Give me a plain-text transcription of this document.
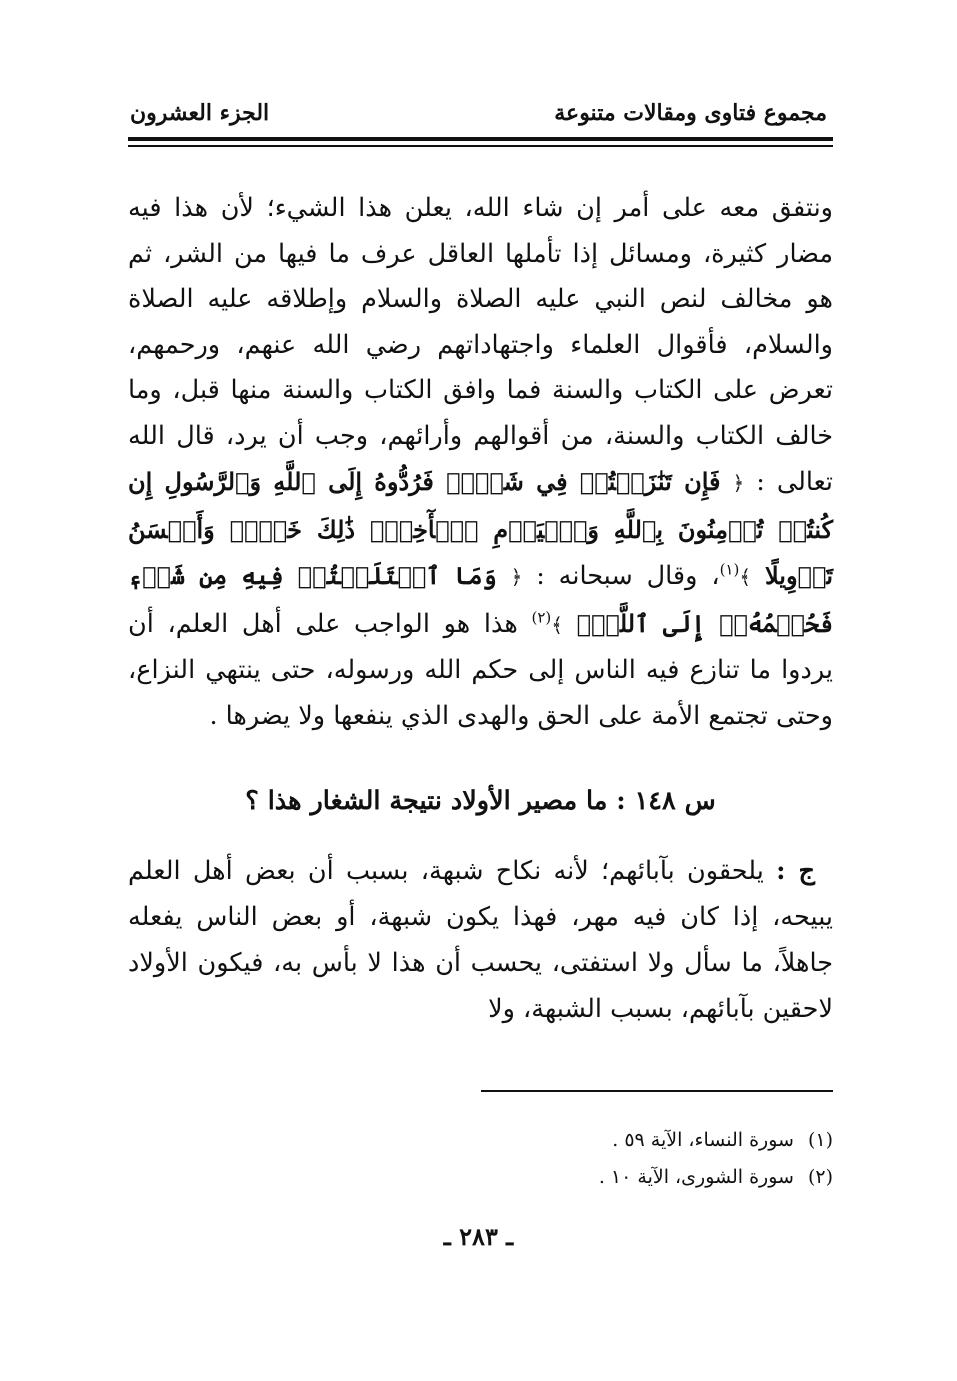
مجموع فتاوى ومقالات متنوعة
الجزء العشرون

ونتفق معه على أمر إن شاء الله، يعلن هذا الشيء؛ لأن هذا فيه مضار كثيرة، ومسائل إذا تأملها العاقل عرف ما فيها من الشر، ثم هو مخالف لنص النبي عليه الصلاة والسلام وإطلاقه عليه الصلاة والسلام، فأقوال العلماء واجتهاداتهم رضي الله عنهم، ورحمهم، تعرض على الكتاب والسنة فما وافق الكتاب والسنة منها قبل، وما خالف الكتاب والسنة، من أقوالهم وأرائهم، وجب أن يرد، قال الله تعالى : ﴿ فَإِن تَنَٰزَعۡتُمۡ فِي شَيۡءٖ فَرُدُّوهُ إِلَى ٱللَّهِ وَٱلرَّسُولِ إِن كُنتُمۡ تُؤۡمِنُونَ بِٱللَّهِ وَٱلۡيَوۡمِ ٱلۡأٓخِرِۚ ذَٰلِكَ خَيۡرٞ وَأَحۡسَنُ تَأۡوِيلًا ﴾$^{(١)}$، وقال سبحانه : ﴿ وَمَا ٱخۡتَلَفۡتُمۡ فِيهِ مِن شَيۡءٖ فَحُكۡمُهُۥٓ إِلَى ٱللَّهِۚ ﴾$^{(٢)}$ هذا هو الواجب على أهل العلم، أن يردوا ما تنازع فيه الناس إلى حكم الله ورسوله، حتى ينتهي النزاع، وحتى تجتمع الأمة على الحق والهدى الذي ينفعها ولا يضرها .

س ١٤٨ : ما مصير الأولاد نتيجة الشغار هذا ؟

ج : يلحقون بآبائهم؛ لأنه نكاح شبهة، بسبب أن بعض أهل العلم يبيحه، إذا كان فيه مهر، فهذا يكون شبهة، أو بعض الناس يفعله جاهلاً، ما سأل ولا استفتى، يحسب أن هذا لا بأس به، فيكون الأولاد لاحقين بآبائهم، بسبب الشبهة، ولا

(١)
سورة النساء، الآية ٥٩ .
(٢)
سورة الشورى، الآية ١٠ .
ـ ٢٨٣ ـ
